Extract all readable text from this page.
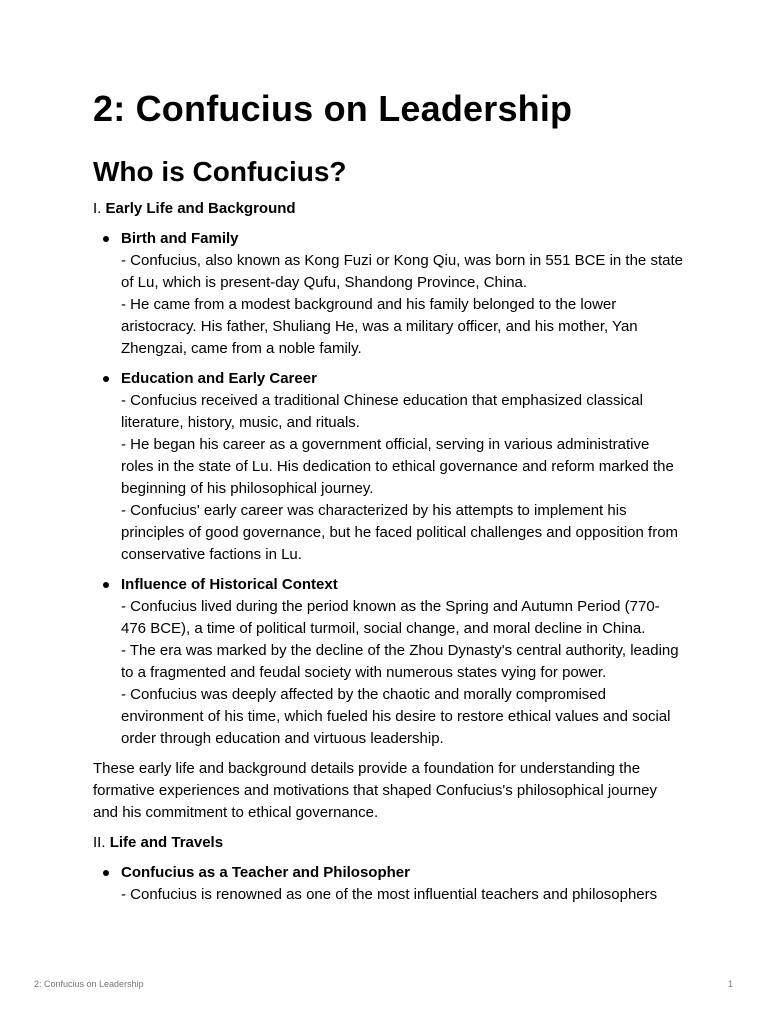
2: Confucius on Leadership
Who is Confucius?

I. Early Life and Background

Birth and Family
- Confucius, also known as Kong Fuzi or Kong Qiu, was born in 551 BCE in the state of Lu, which is present-day Qufu, Shandong Province, China.
- He came from a modest background and his family belonged to the lower aristocracy. His father, Shuliang He, was a military officer, and his mother, Yan Zhengzai, came from a noble family.
Education and Early Career
- Confucius received a traditional Chinese education that emphasized classical literature, history, music, and rituals.
- He began his career as a government official, serving in various administrative roles in the state of Lu. His dedication to ethical governance and reform marked the beginning of his philosophical journey.
- Confucius' early career was characterized by his attempts to implement his principles of good governance, but he faced political challenges and opposition from conservative factions in Lu.
Influence of Historical Context
- Confucius lived during the period known as the Spring and Autumn Period (770-476 BCE), a time of political turmoil, social change, and moral decline in China.
- The era was marked by the decline of the Zhou Dynasty's central authority, leading to a fragmented and feudal society with numerous states vying for power.
- Confucius was deeply affected by the chaotic and morally compromised environment of his time, which fueled his desire to restore ethical values and social order through education and virtuous leadership.

These early life and background details provide a foundation for understanding the formative experiences and motivations that shaped Confucius's philosophical journey and his commitment to ethical governance.

II. Life and Travels

Confucius as a Teacher and Philosopher
- Confucius is renowned as one of the most influential teachers and philosophers
2: Confucius on Leadership	1
